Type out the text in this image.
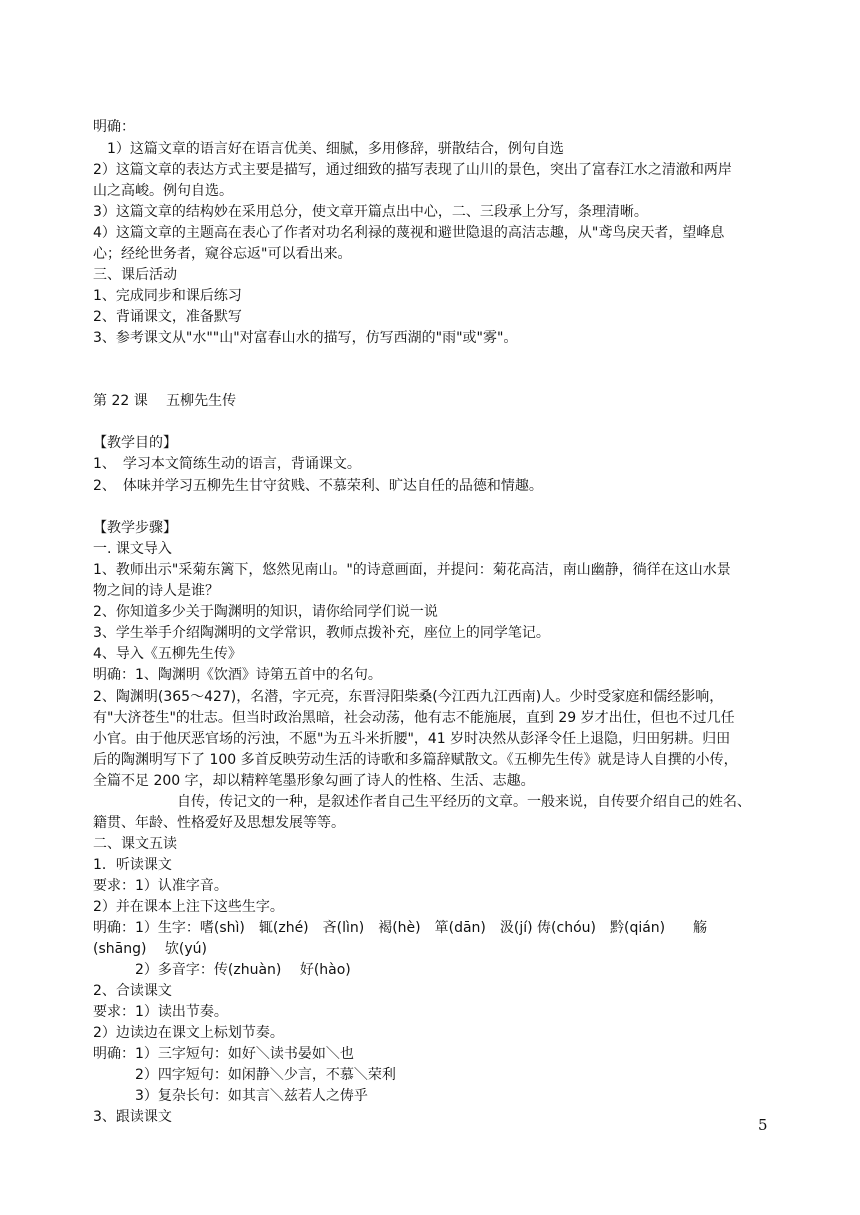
明确：
　1）这篇文章的语言好在语言优美、细腻，多用修辞，骈散结合，例句自选
2）这篇文章的表达方式主要是描写，通过细致的描写表现了山川的景色，突出了富春江水之清澈和两岸
山之高峻。例句自选。
3）这篇文章的结构妙在采用总分，使文章开篇点出中心，二、三段承上分写，条理清晰。
4）这篇文章的主题高在表心了作者对功名利禄的蔑视和避世隐退的高洁志趣，从"鸢鸟戾天者，望峰息
心；经纶世务者，窥谷忘返"可以看出来。
三、课后活动
1、完成同步和课后练习
2、背诵课文，准备默写
3、参考课文从"水""山"对富春山水的描写，仿写西湖的"雨"或"雾"。
第 22 课　 五柳先生传
【教学目的】
1、　学习本文简练生动的语言，背诵课文。
2、　体味并学习五柳先生甘守贫贱、不慕荣利、旷达自任的品德和情趣。
【教学步骤】
一. 课文导入
1、教师出示"采菊东篱下，悠然见南山。"的诗意画面，并提问：菊花高洁，南山幽静，徜徉在这山水景
物之间的诗人是谁？
2、你知道多少关于陶渊明的知识，请你给同学们说一说
3、学生举手介绍陶渊明的文学常识，教师点拨补充，座位上的同学笔记。
4、导入《五柳先生传》
明确：1、陶渊明《饮酒》诗第五首中的名句。
2、陶渊明(365～427)，名潜，字元亮，东晋浔阳柴桑(今江西九江西南)人。少时受家庭和儒经影响，
有"大济苍生"的壮志。但当时政治黑暗，社会动荡，他有志不能施展，直到 29 岁才出仕，但也不过几任
小官。由于他厌恶官场的污浊，不愿"为五斗米折腰"，41 岁时决然从彭泽令任上退隐，归田躬耕。归田
后的陶渊明写下了 100 多首反映劳动生活的诗歌和多篇辞赋散文。《五柳先生传》就是诗人自撰的小传，
全篇不足 200 字，却以精粹笔墨形象勾画了诗人的性格、生活、志趣。
　　　　　　自传，传记文的一种，是叙述作者自己生平经历的文章。一般来说，自传要介绍自己的姓名、
籍贯、年龄、性格爱好及思想发展等等。
二、课文五读
1．听读课文
要求：1）认准字音。
2）并在课本上注下这些生字。
明确：1）生字：嗜(shì)　辄(zhé)　吝(lìn)　褐(hè)　箪(dān)　汲(jí) 俦(chóu)　黔(qián)　　觞
(shāng)　 欤(yú)
　　　2）多音字：传(zhuàn)　 好(hào)
2、合读课文
要求：1）读出节奏。
2）边读边在课文上标划节奏。
明确：1）三字短句：如好＼读书晏如＼也
　　　2）四字短句：如闲静＼少言，不慕＼荣利
　　　3）复杂长句：如其言＼兹若人之俦乎
3、跟读课文	5
